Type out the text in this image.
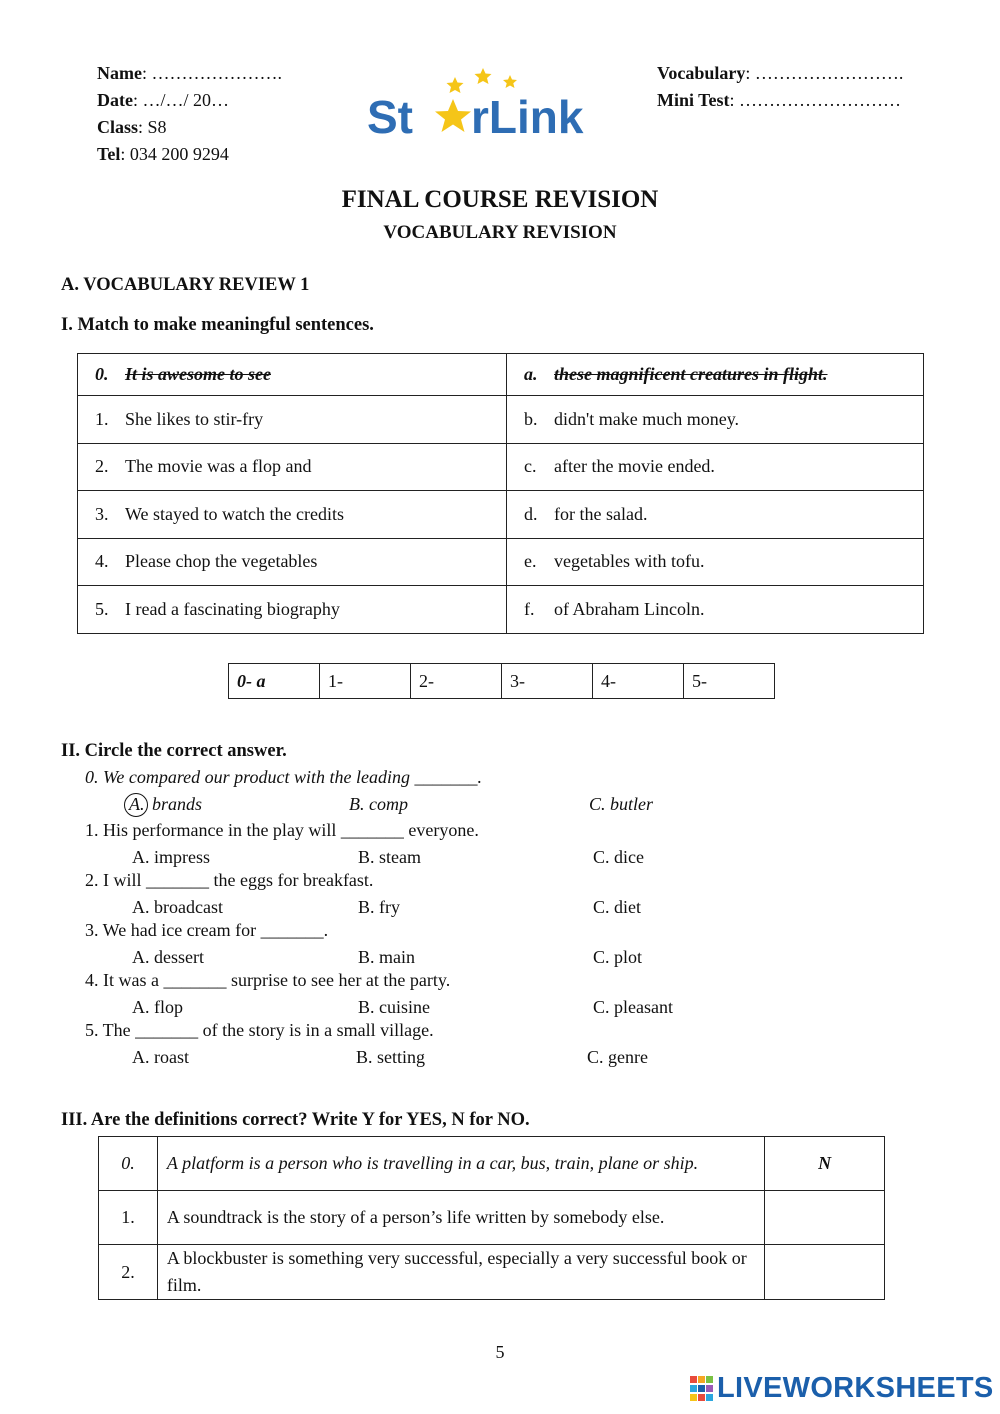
Name: ………………….
Date: …/…/ 20…
Class: S8
Tel: 034 200 9294
Vocabulary: …………………….
Mini Test: ………………………
St rLink
FINAL COURSE REVISION
VOCABULARY REVISION
A. VOCABULARY REVIEW 1
I. Match to make meaningful sentences.
0. It is awesome to see	a. these magnificent creatures in flight.
1. She likes to stir-fry	b. didn't make much money.
2. The movie was a flop and	c. after the movie ended.
3. We stayed to watch the credits	d. for the salad.
4. Please chop the vegetables	e. vegetables with tofu.
5. I read a fascinating biography	f. of Abraham Lincoln.
0- a	1-	2-	3-	4-	5-
II. Circle the correct answer.
0. We compared our product with the leading _______.
A. brands	B. comp	C. butler
1. His performance in the play will _______ everyone.
A. impress	B. steam	C. dice
2. I will _______ the eggs for breakfast.
A. broadcast	B. fry	C. diet
3. We had ice cream for _______.
A. dessert	B. main	C. plot
4. It was a _______ surprise to see her at the party.
A. flop	B. cuisine	C. pleasant
5. The _______ of the story is in a small village.
A. roast	B. setting	C. genre
III. Are the definitions correct? Write Y for YES, N for NO.
0.	A platform is a person who is travelling in a car, bus, train, plane or ship.	N
1.	A soundtrack is the story of a person’s life written by somebody else.	
2.	A blockbuster is something very successful, especially a very successful book or film.	
5
LIVEWORKSHEETS
